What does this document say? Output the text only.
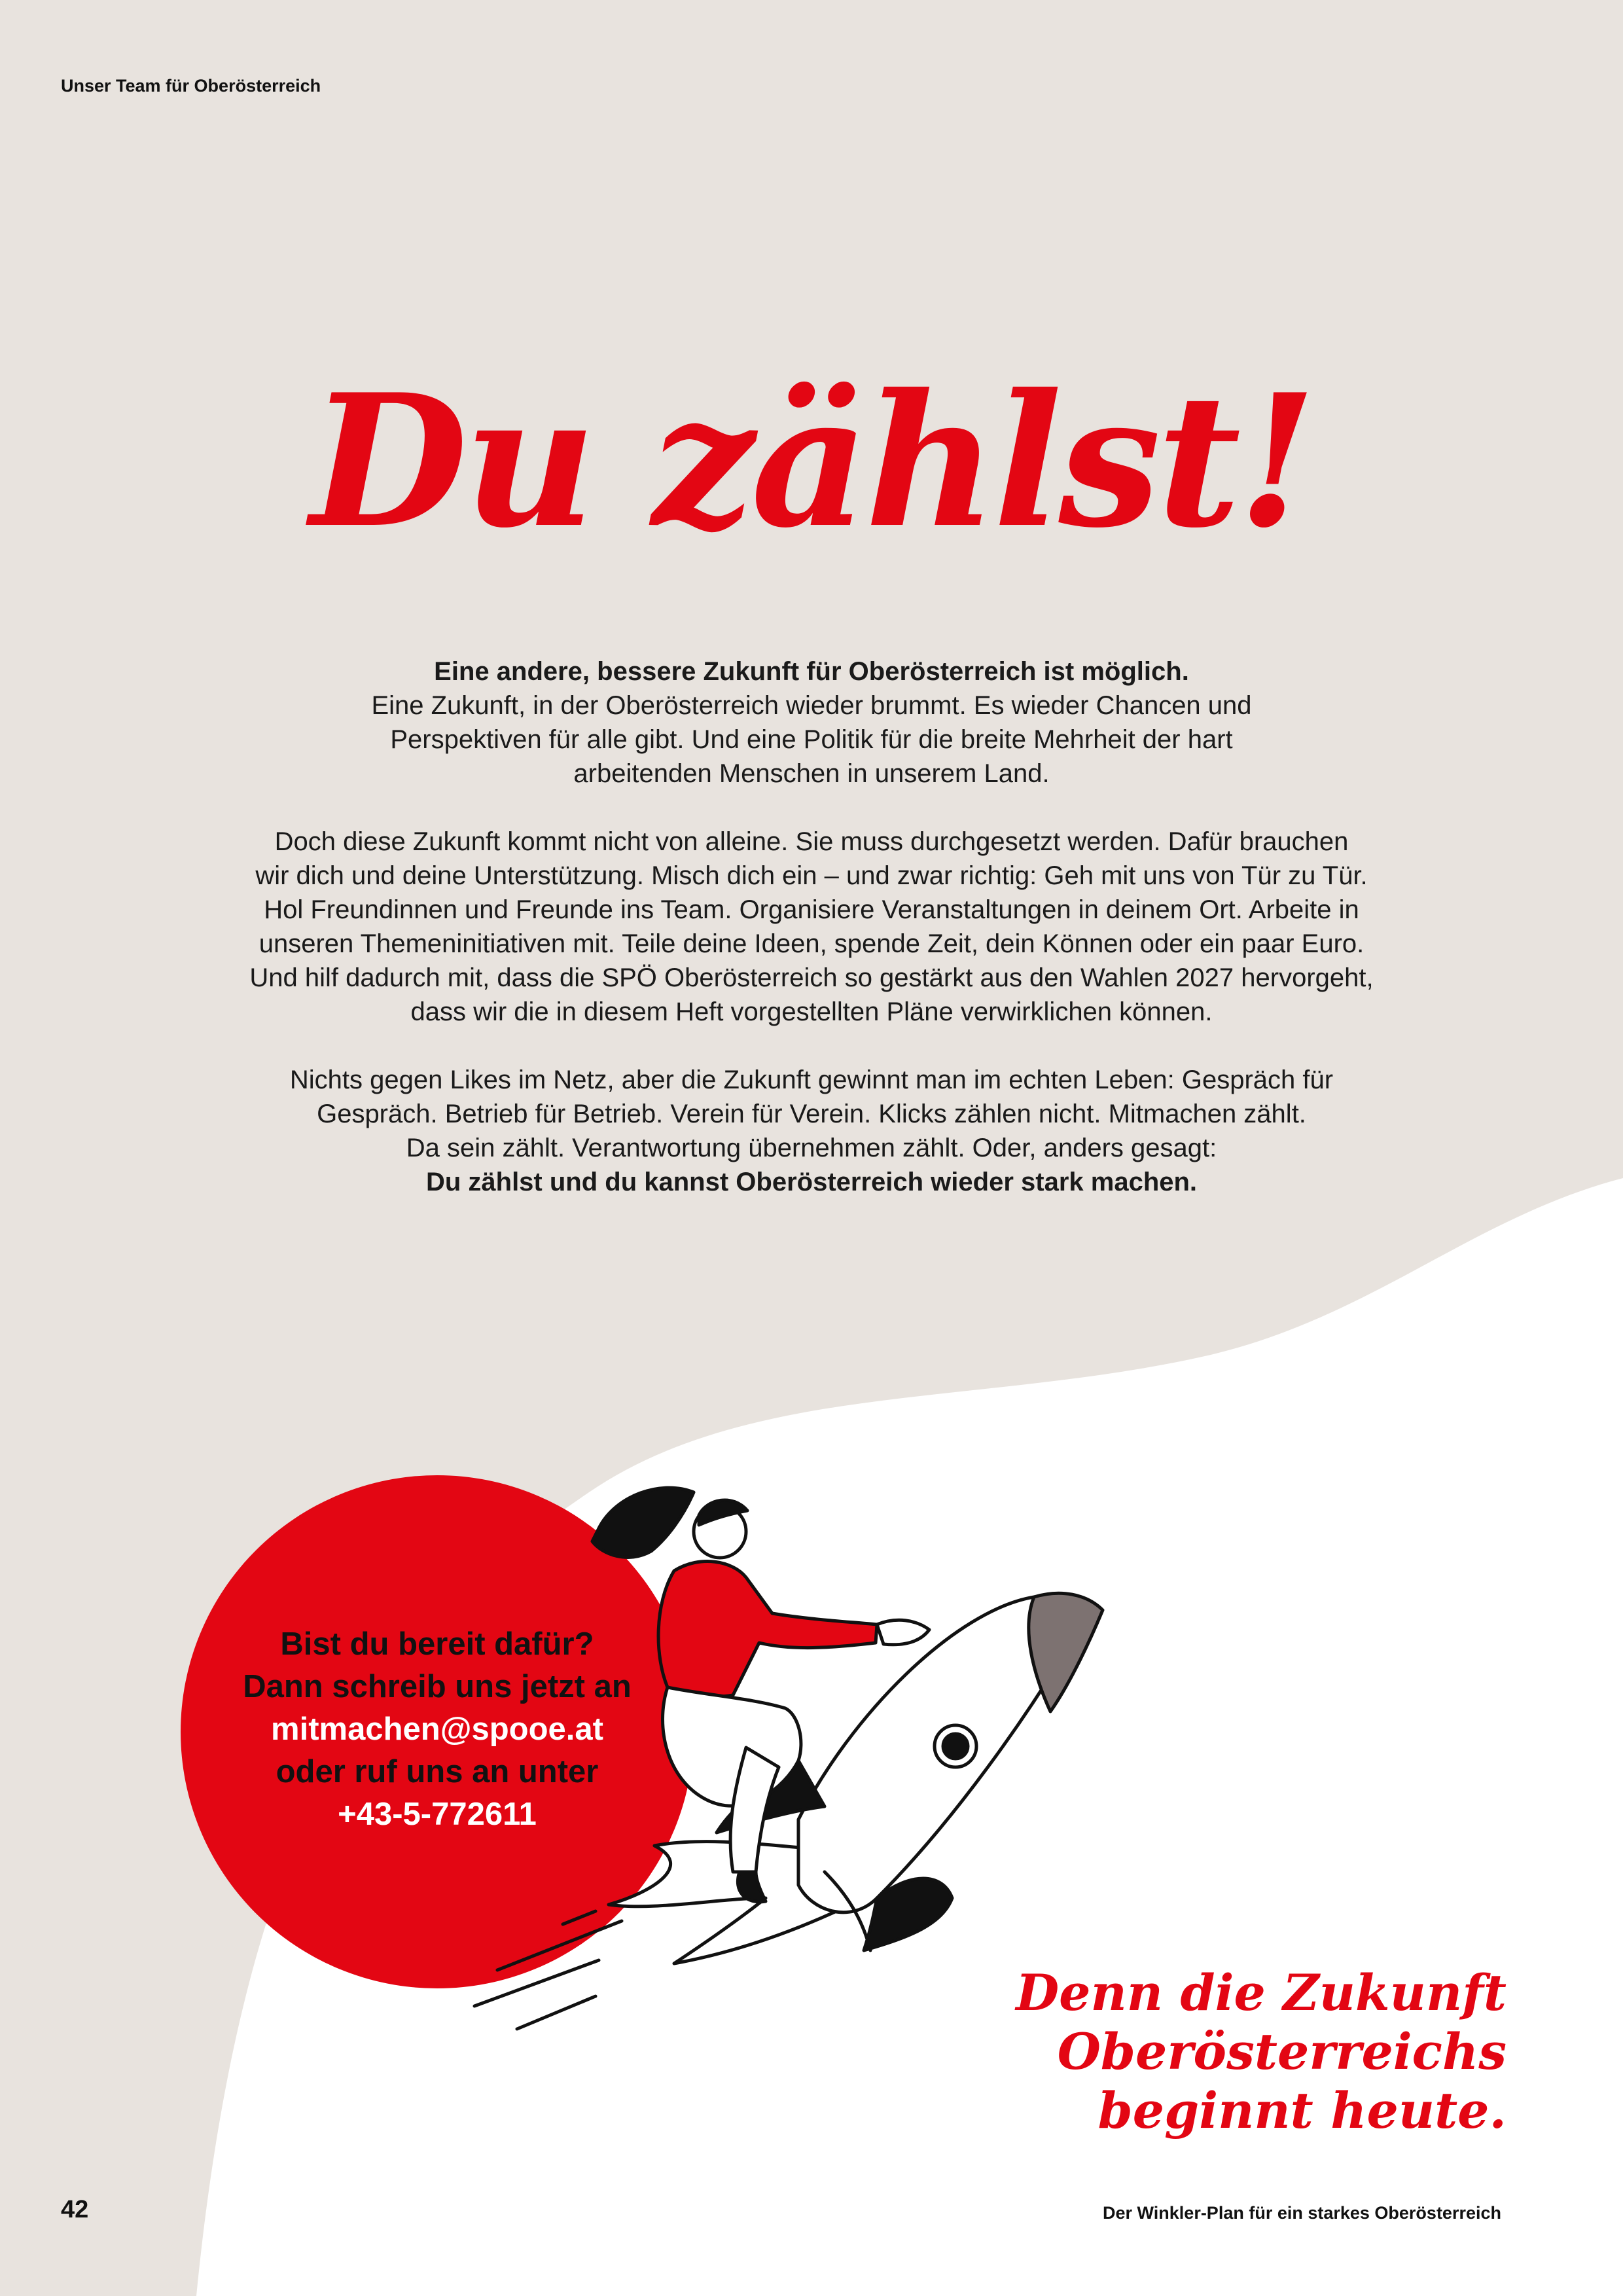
Unser Team für Oberösterreich
Du zählst!

Eine andere, bessere Zukunft für Oberösterreich ist möglich.
Eine Zukunft, in der Oberösterreich wieder brummt. Es wieder Chancen und
Perspektiven für alle gibt. Und eine Politik für die breite Mehrheit der hart
arbeitenden Menschen in unserem Land.

Doch diese Zukunft kommt nicht von alleine. Sie muss durchgesetzt werden. Dafür brauchen
wir dich und deine Unterstützung. Misch dich ein – und zwar richtig: Geh mit uns von Tür zu Tür.
Hol Freundinnen und Freunde ins Team. Organisiere Veranstaltungen in deinem Ort. Arbeite in
unseren Themeninitiativen mit. Teile deine Ideen, spende Zeit, dein Können oder ein paar Euro.
Und hilf dadurch mit, dass die SPÖ Oberösterreich so gestärkt aus den Wahlen 2027 hervorgeht,
dass wir die in diesem Heft vorgestellten Pläne verwirklichen können.

Nichts gegen Likes im Netz, aber die Zukunft gewinnt man im echten Leben: Gespräch für
Gespräch. Betrieb für Betrieb. Verein für Verein. Klicks zählen nicht. Mitmachen zählt.
Da sein zählt. Verantwortung übernehmen zählt. Oder, anders gesagt:
Du zählst und du kannst Oberösterreich wieder stark machen.

Bist du bereit dafür?
Dann schreib uns jetzt an
mitmachen@spooe.at
oder ruf uns an unter
+43-5-772611
Denn die Zukunft
Oberösterreichs
beginnt heute.
42	Der Winkler-Plan für ein starkes Oberösterreich
